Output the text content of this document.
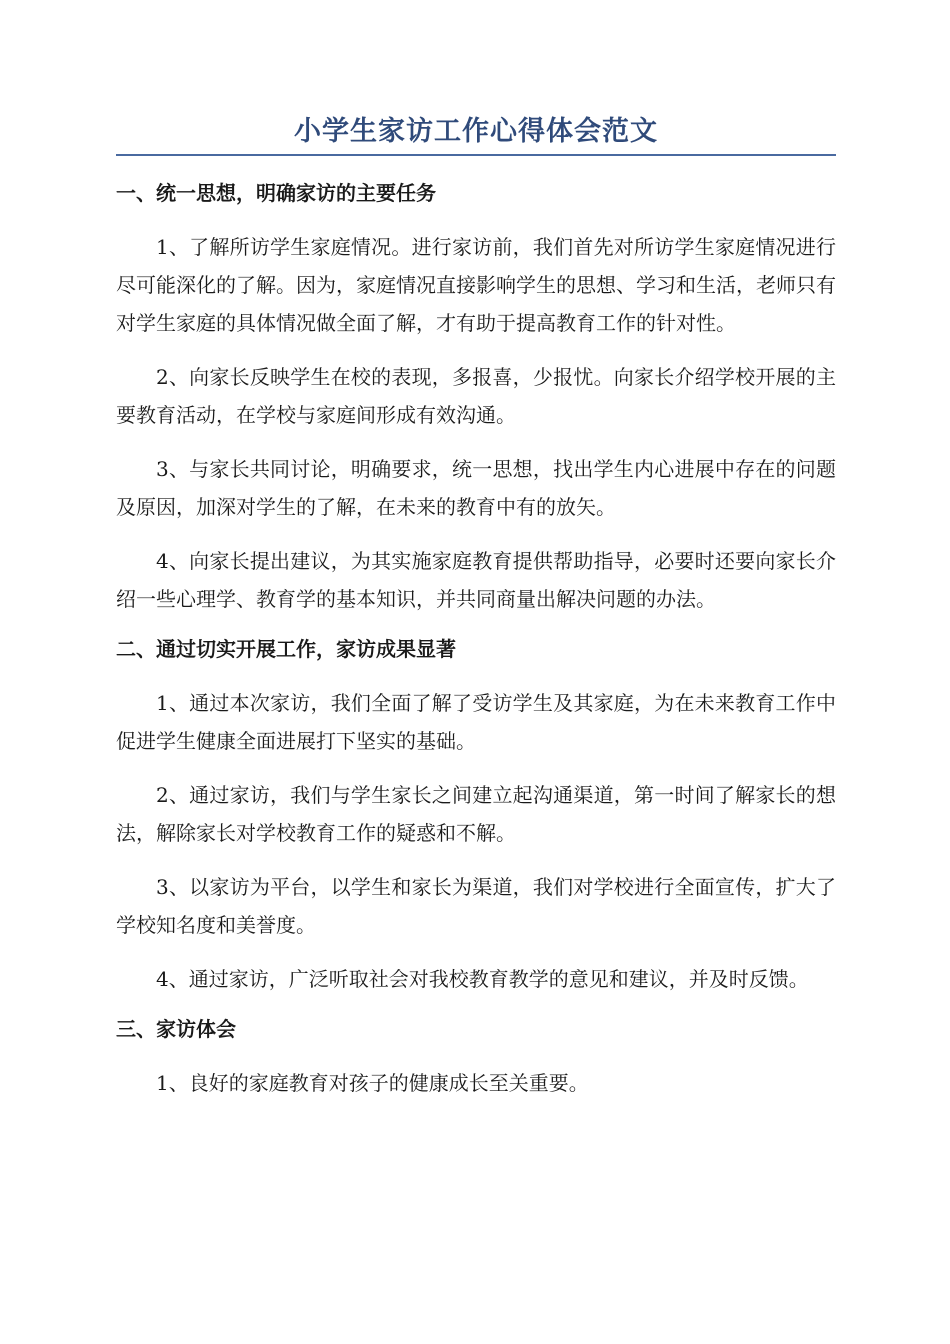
小学生家访工作心得体会范文
一、统一思想，明确家访的主要任务

1、了解所访学生家庭情况。进行家访前，我们首先对所访学生家庭情况进行尽可能深化的了解。因为，家庭情况直接影响学生的思想、学习和生活，老师只有对学生家庭的具体情况做全面了解，才有助于提高教育工作的针对性。

2、向家长反映学生在校的表现，多报喜，少报忧。向家长介绍学校开展的主要教育活动，在学校与家庭间形成有效沟通。

3、与家长共同讨论，明确要求，统一思想，找出学生内心进展中存在的问题及原因，加深对学生的了解，在未来的教育中有的放矢。

4、向家长提出建议，为其实施家庭教育提供帮助指导，必要时还要向家长介绍一些心理学、教育学的基本知识，并共同商量出解决问题的办法。

二、通过切实开展工作，家访成果显著

1、通过本次家访，我们全面了解了受访学生及其家庭，为在未来教育工作中促进学生健康全面进展打下坚实的基础。

2、通过家访，我们与学生家长之间建立起沟通渠道，第一时间了解家长的想法，解除家长对学校教育工作的疑惑和不解。

3、以家访为平台，以学生和家长为渠道，我们对学校进行全面宣传，扩大了学校知名度和美誉度。

4、通过家访，广泛听取社会对我校教育教学的意见和建议，并及时反馈。

三、家访体会

1、良好的家庭教育对孩子的健康成长至关重要。
